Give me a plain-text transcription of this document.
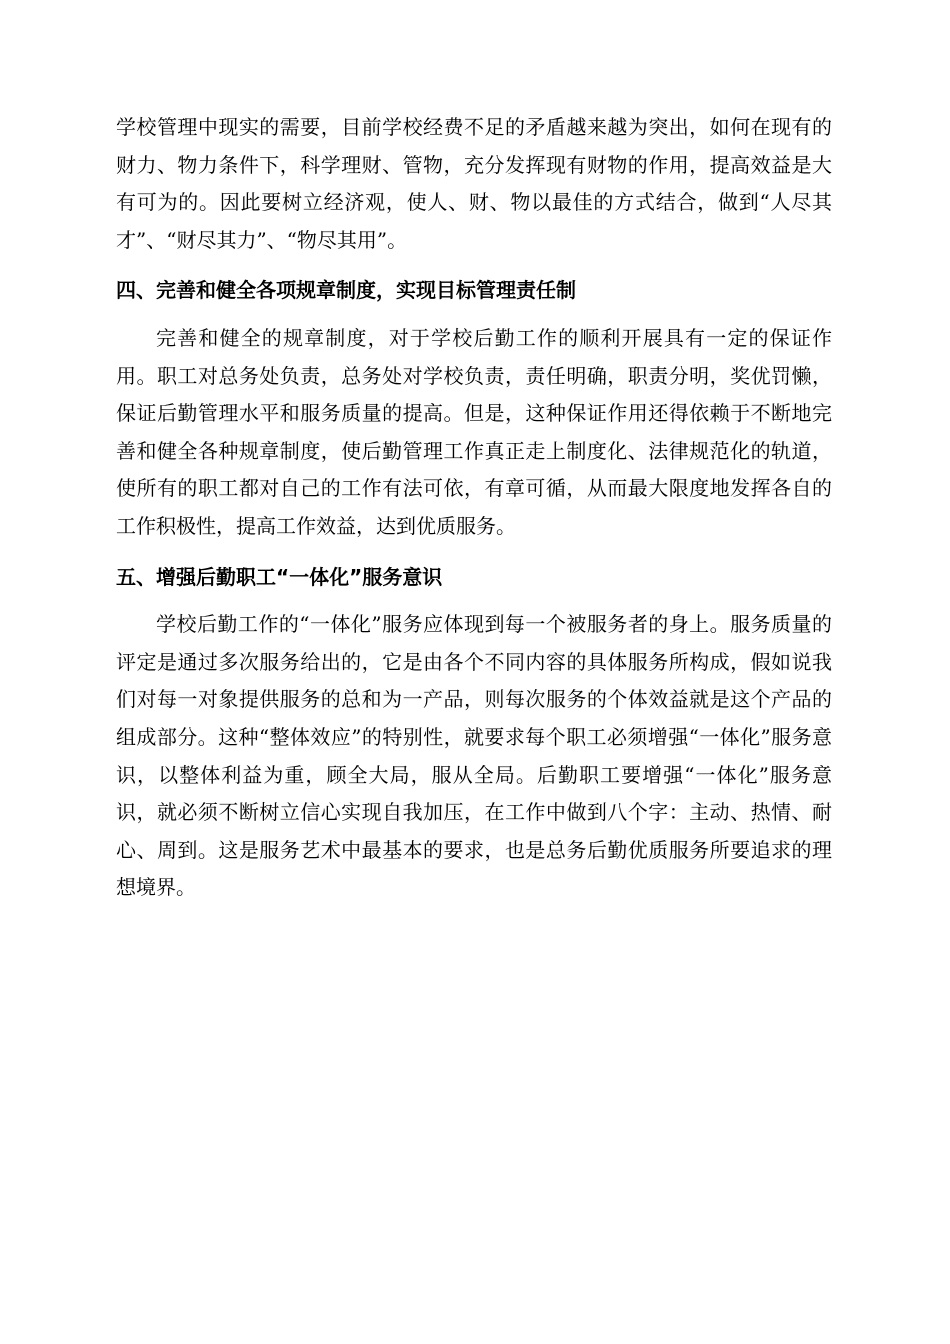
学校管理中现实的需要，目前学校经费不足的矛盾越来越为突出，如何在现有的财力、物力条件下，科学理财、管物，充分发挥现有财物的作用，提高效益是大有可为的。因此要树立经济观，使人、财、物以最佳的方式结合，做到“人尽其才”、“财尽其力”、“物尽其用”。

四、完善和健全各项规章制度，实现目标管理责任制

完善和健全的规章制度，对于学校后勤工作的顺利开展具有一定的保证作用。职工对总务处负责，总务处对学校负责，责任明确，职责分明，奖优罚懒，保证后勤管理水平和服务质量的提高。但是，这种保证作用还得依赖于不断地完善和健全各种规章制度，使后勤管理工作真正走上制度化、法律规范化的轨道，使所有的职工都对自己的工作有法可依，有章可循，从而最大限度地发挥各自的工作积极性，提高工作效益，达到优质服务。

五、增强后勤职工“一体化”服务意识

学校后勤工作的“一体化”服务应体现到每一个被服务者的身上。服务质量的评定是通过多次服务给出的，它是由各个不同内容的具体服务所构成，假如说我们对每一对象提供服务的总和为一产品，则每次服务的个体效益就是这个产品的组成部分。这种“整体效应”的特别性，就要求每个职工必须增强“一体化”服务意识，以整体利益为重，顾全大局，服从全局。后勤职工要增强“一体化”服务意识，就必须不断树立信心实现自我加压，在工作中做到八个字：主动、热情、耐心、周到。这是服务艺术中最基本的要求，也是总务后勤优质服务所要追求的理想境界。
